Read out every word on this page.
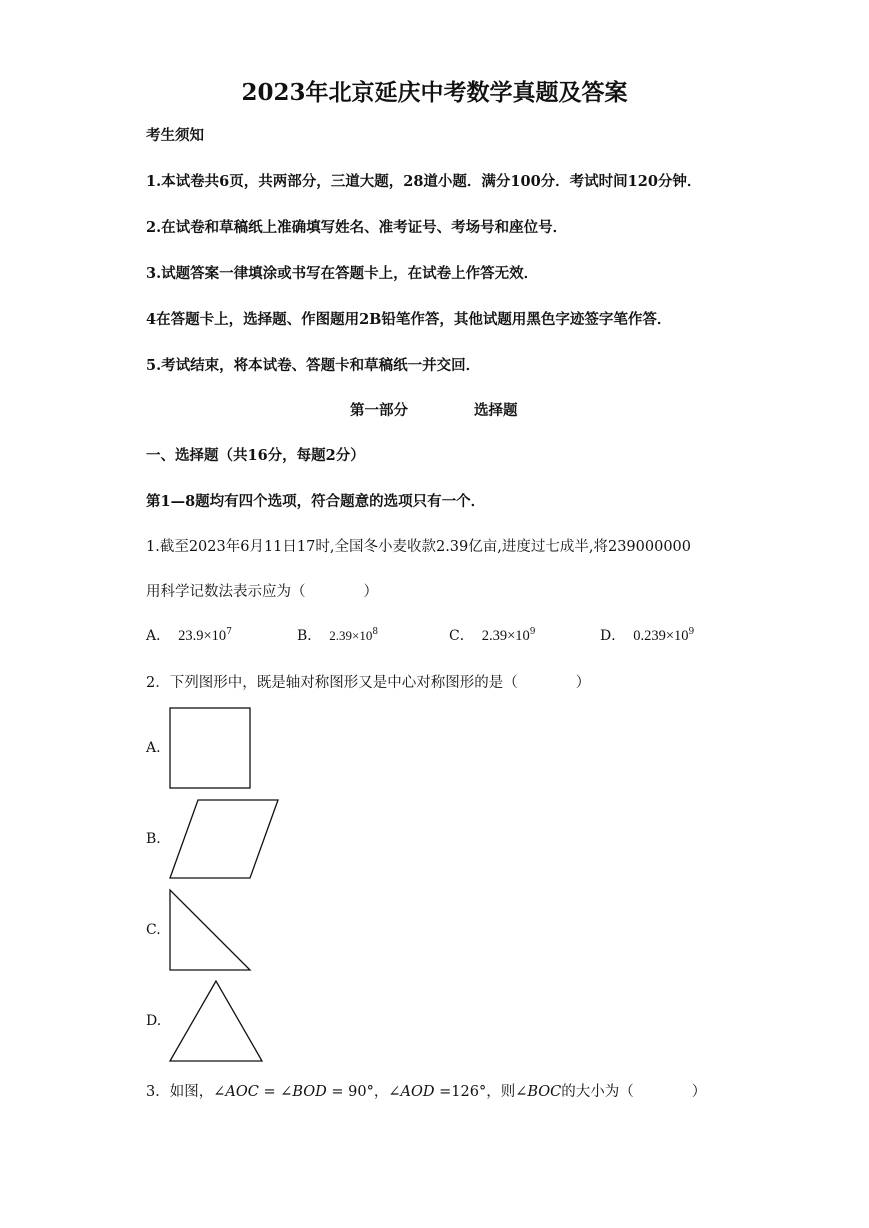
2023年北京延庆中考数学真题及答案
考生须知
1.本试卷共6页，共两部分，三道大题，28道小题．满分100分．考试时间120分钟．
2.在试卷和草稿纸上准确填写姓名、准考证号、考场号和座位号．
3.试题答案一律填涂或书写在答题卡上，在试卷上作答无效．
4在答题卡上，选择题、作图题用2B铅笔作答，其他试题用黑色字迹签字笔作答．
5.考试结束，将本试卷、答题卡和草稿纸一并交回．
第一部分	选择题
一、选择题（共16分，每题2分）
第1—8题均有四个选项，符合题意的选项只有一个．
1.截至2023年6月11日17时,全国冬小麦收款2.39亿亩,进度过七成半,将239000000
用科学记数法表示应为（　　　　）
A． $23.9\times 10^7$	B． $2.39\times 10^8$	C． $2.39\times 10^9$	D． $0.239\times 10^9$
2．下列图形中，既是轴对称图形又是中心对称图形的是（　　　　）
A.
B.
C.
D.
3．如图，∠AOC = ∠BOD = 90°，∠AOD =126°，则∠BOC的大小为（　　　　）
